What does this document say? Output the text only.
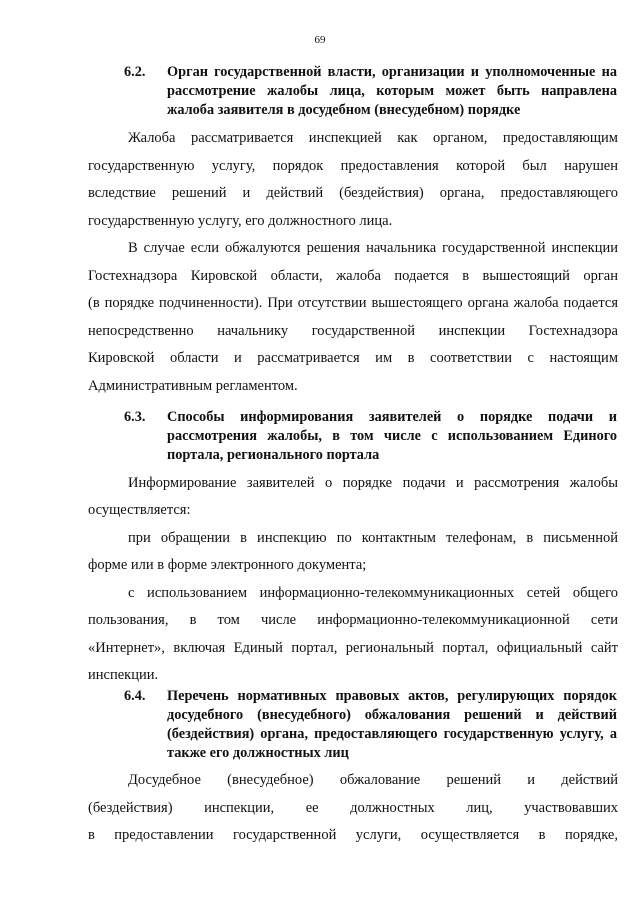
69
6.2. Орган государственной власти, организации и уполномоченные на рассмотрение жалобы лица, которым может быть направлена жалоба заявителя в досудебном (внесудебном) порядке
Жалоба рассматривается инспекцией как органом, предоставляющим
государственную услугу, порядок предоставления которой был нарушен
вследствие решений и действий (бездействия) органа, предоставляющего
государственную услугу, его должностного лица.
В случае если обжалуются решения начальника государственной инспекции
Гостехнадзора Кировской области, жалоба подается в вышестоящий орган
(в порядке подчиненности). При отсутствии вышестоящего органа жалоба подается
непосредственно начальнику государственной инспекции Гостехнадзора
Кировской области и рассматривается им в соответствии с настоящим
Административным регламентом.
6.3. Способы информирования заявителей о порядке подачи и рассмотрения жалобы, в том числе с использованием Единого портала, регионального портала
Информирование заявителей о порядке подачи и рассмотрения жалобы
осуществляется:
при обращении в инспекцию по контактным телефонам, в письменной
форме или в форме электронного документа;
с использованием информационно-телекоммуникационных сетей общего
пользования, в том числе информационно-телекоммуникационной сети
«Интернет», включая Единый портал, региональный портал, официальный сайт
инспекции.
6.4. Перечень нормативных правовых актов, регулирующих порядок досудебного (внесудебного) обжалования решений и действий (бездействия) органа, предоставляющего государственную услугу, а также его должностных лиц
Досудебное (внесудебное) обжалование решений и действий
(бездействия) инспекции, ее должностных лиц, участвовавших
в предоставлении государственной услуги, осуществляется в порядке,
